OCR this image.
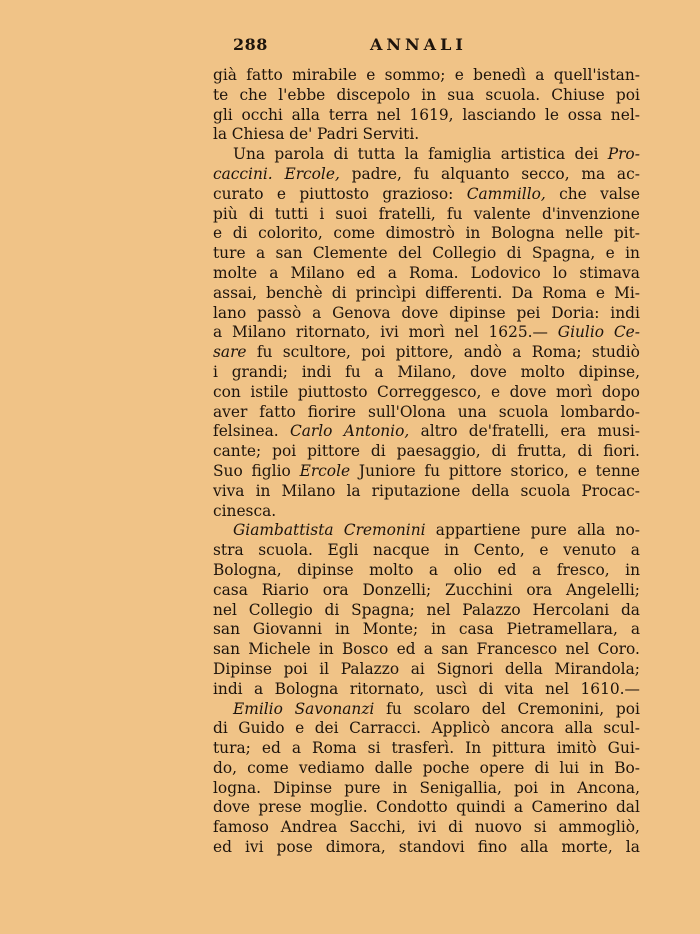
288	ANNALI
già fatto mirabile e sommo; e benedì a quell'istan-
te che l'ebbe discepolo in sua scuola. Chiuse poi
gli occhi alla terra nel 1619, lasciando le ossa nel-
la Chiesa de' Padri Serviti.
Una parola di tutta la famiglia artistica dei Pro-
caccini. Ercole, padre, fu alquanto secco, ma ac-
curato e piuttosto grazioso: Cammillo, che valse
più di tutti i suoi fratelli, fu valente d'invenzione
e di colorito, come dimostrò in Bologna nelle pit-
ture a san Clemente del Collegio di Spagna, e in
molte a Milano ed a Roma. Lodovico lo stimava
assai, benchè di princìpi differenti. Da Roma e Mi-
lano passò a Genova dove dipinse pei Doria: indi
a Milano ritornato, ivi morì nel 1625.— Giulio Ce-
sare fu scultore, poi pittore, andò a Roma; studiò
i grandi; indi fu a Milano, dove molto dipinse,
con istile piuttosto Correggesco, e dove morì dopo
aver fatto fiorire sull'Olona una scuola lombardo-
felsinea. Carlo Antonio, altro de'fratelli, era musi-
cante; poi pittore di paesaggio, di frutta, di fiori.
Suo figlio Ercole Juniore fu pittore storico, e tenne
viva in Milano la riputazione della scuola Procac-
cinesca.
Giambattista Cremonini appartiene pure alla no-
stra scuola. Egli nacque in Cento, e venuto a
Bologna, dipinse molto a olio ed a fresco, in
casa Riario ora Donzelli; Zucchini ora Angelelli;
nel Collegio di Spagna; nel Palazzo Hercolani da
san Giovanni in Monte; in casa Pietramellara, a
san Michele in Bosco ed a san Francesco nel Coro.
Dipinse poi il Palazzo ai Signori della Mirandola;
indi a Bologna ritornato, uscì di vita nel 1610.—
Emilio Savonanzi fu scolaro del Cremonini, poi
di Guido e dei Carracci. Applicò ancora alla scul-
tura; ed a Roma si trasferì. In pittura imitò Gui-
do, come vediamo dalle poche opere di lui in Bo-
logna. Dipinse pure in Senigallia, poi in Ancona,
dove prese moglie. Condotto quindi a Camerino dal
famoso Andrea Sacchi, ivi di nuovo si ammogliò,
ed ivi pose dimora, standovi fino alla morte, la
